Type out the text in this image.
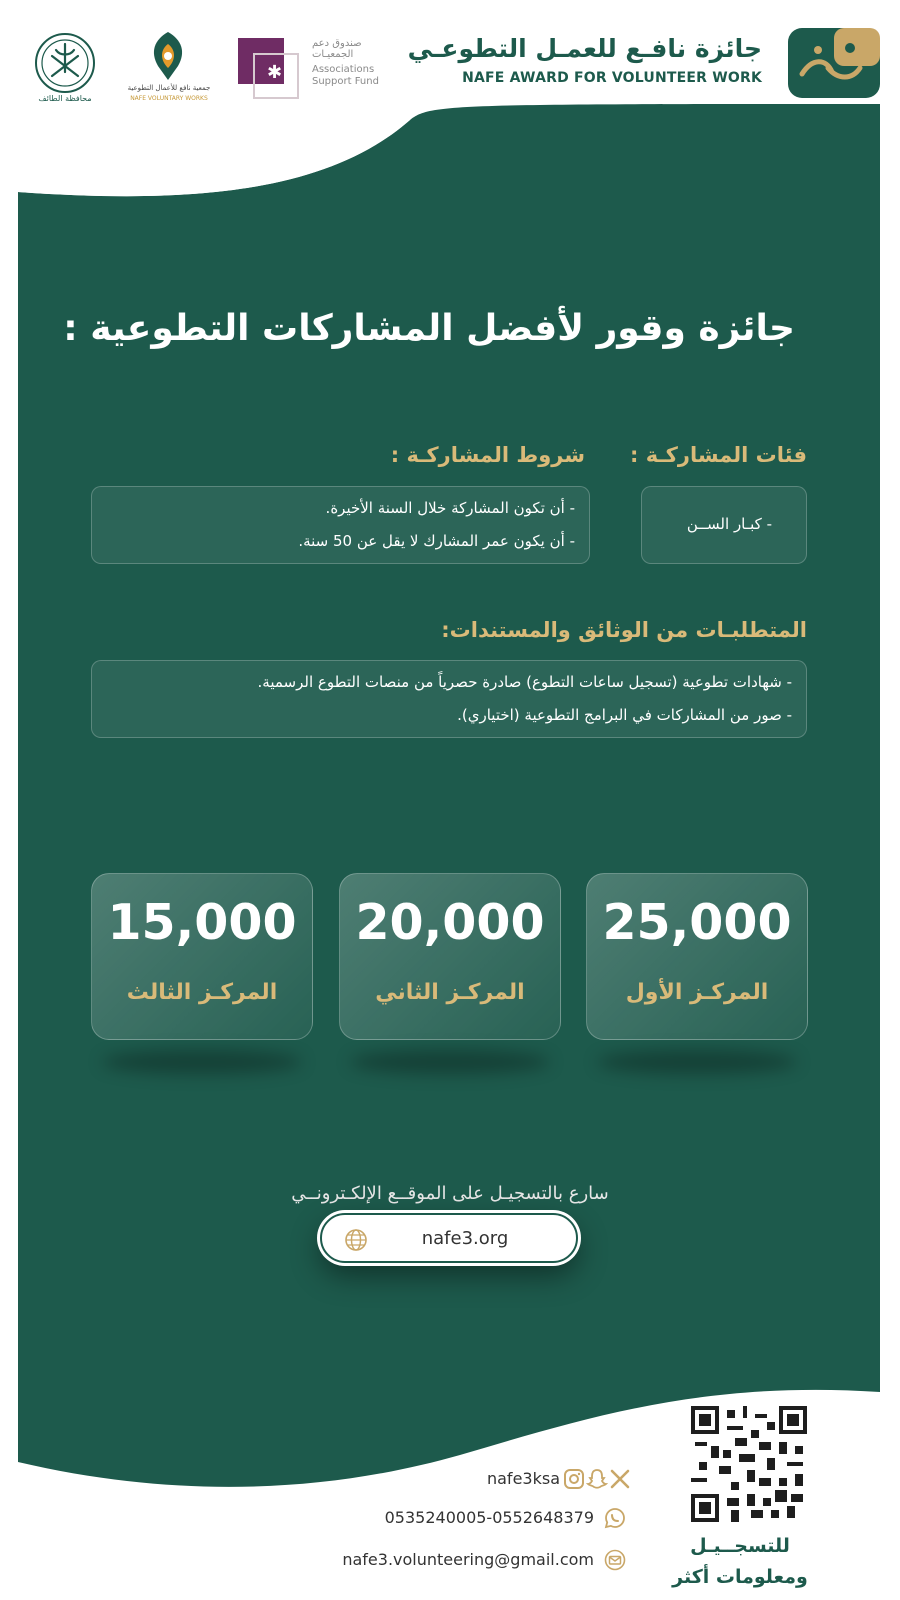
جائزة نافـع للعمـل التطوعـي
NAFE AWARD FOR VOLUNTEER WORK
✱
صندوق دعم الجمعيـات
Associations Support Fund
جمعية نافع للأعمال التطوعية
NAFE VOLUNTARY WORKS
محافظة الطائف
جائزة وقور لأفضل المشاركات التطوعية :
فئات المشاركـة :
- كبـار الســن
شروط المشاركـة :
- أن تكون المشاركة خلال السنة الأخيرة.
- أن يكون عمر المشارك لا يقل عن 50 سنة.
المتطلبـات من الوثائق والمستندات:
- شهادات تطوعية (تسجيل ساعات التطوع) صادرة حصرياً من منصات التطوع الرسمية.
- صور من المشاركات في البرامج التطوعية (اختياري).
25,000
المركـز الأول
20,000
المركـز الثاني
15,000
المركـز الثالث
سارع بالتسجيـل على الموقــع الإلكـترونــي
nafe3.org
للتسجــيـل
ومعلومات أكثر
nafe3ksa
0535240005-0552648379
nafe3.volunteering@gmail.com
